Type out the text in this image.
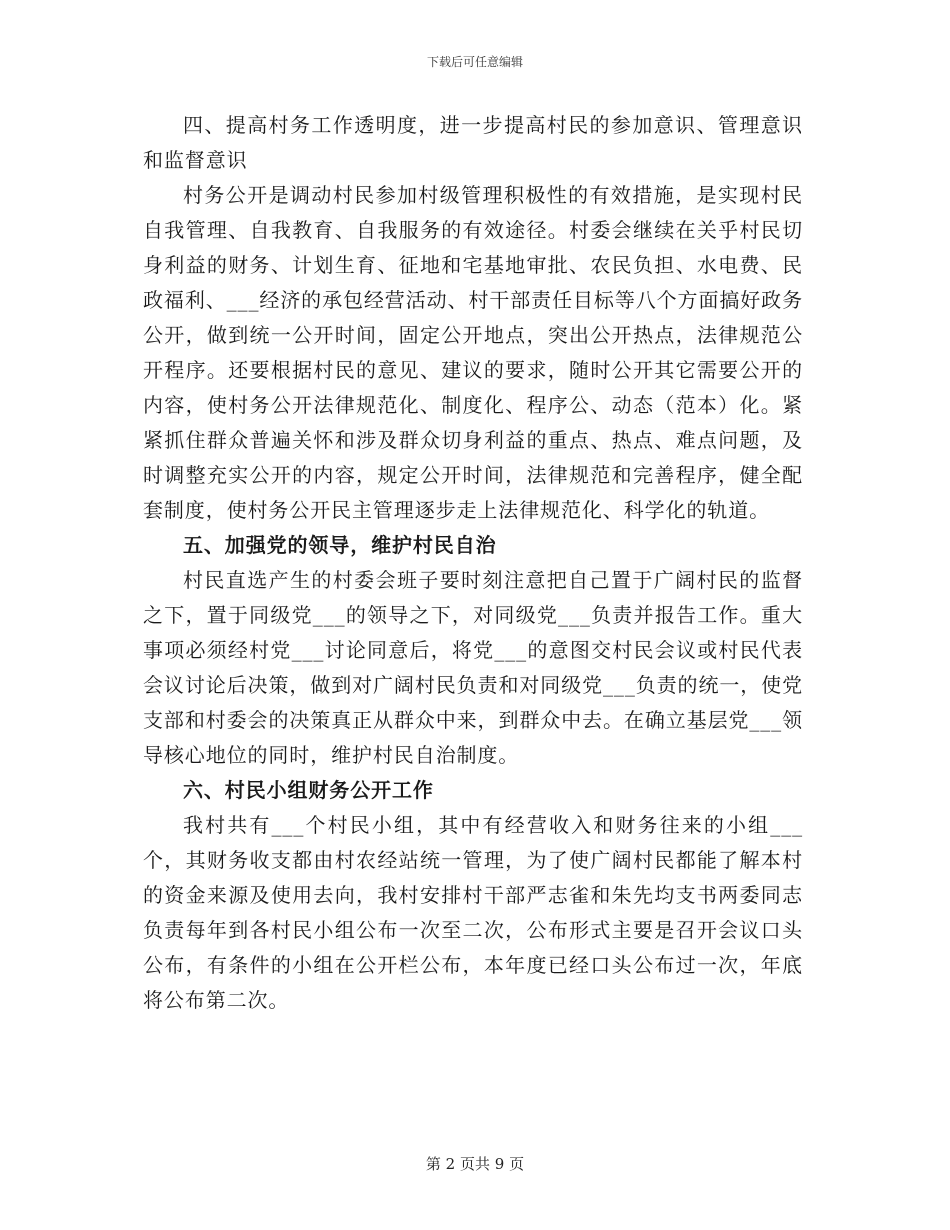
下载后可任意编辑

四、提高村务工作透明度，进一步提高村民的参加意识、管理意识和监督意识

村务公开是调动村民参加村级管理积极性的有效措施，是实现村民自我管理、自我教育、自我服务的有效途径。村委会继续在关乎村民切身利益的财务、计划生育、征地和宅基地审批、农民负担、水电费、民政福利、___经济的承包经营活动、村干部责任目标等八个方面搞好政务公开，做到统一公开时间，固定公开地点，突出公开热点，法律规范公开程序。还要根据村民的意见、建议的要求，随时公开其它需要公开的内容，使村务公开法律规范化、制度化、程序公、动态（范本）化。紧紧抓住群众普遍关怀和涉及群众切身利益的重点、热点、难点问题，及时调整充实公开的内容，规定公开时间，法律规范和完善程序，健全配套制度，使村务公开民主管理逐步走上法律规范化、科学化的轨道。

五、加强党的领导，维护村民自治

村民直选产生的村委会班子要时刻注意把自己置于广阔村民的监督之下，置于同级党___的领导之下，对同级党___负责并报告工作。重大事项必须经村党___讨论同意后，将党___的意图交村民会议或村民代表会议讨论后决策，做到对广阔村民负责和对同级党___负责的统一，使党支部和村委会的决策真正从群众中来，到群众中去。在确立基层党___领导核心地位的同时，维护村民自治制度。

六、村民小组财务公开工作

我村共有___个村民小组，其中有经营收入和财务往来的小组___个，其财务收支都由村农经站统一管理，为了使广阔村民都能了解本村的资金来源及使用去向，我村安排村干部严志雀和朱先均支书两委同志负责每年到各村民小组公布一次至二次，公布形式主要是召开会议口头公布，有条件的小组在公开栏公布，本年度已经口头公布过一次，年底将公布第二次。

第 2 页共 9 页
